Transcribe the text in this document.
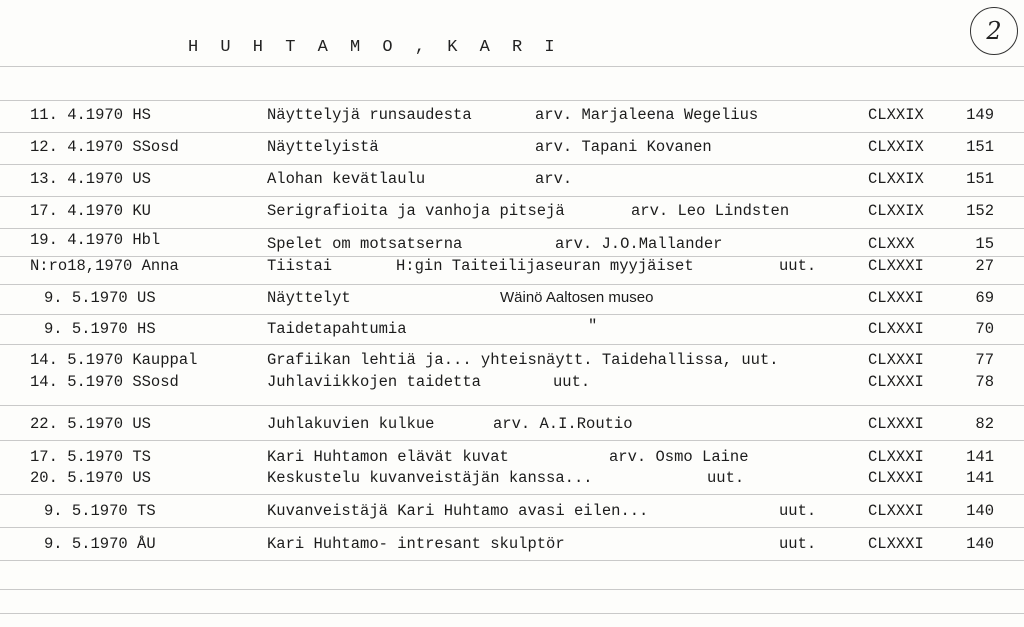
H U H T A M O , K A R I
2
11. 4.1970 HS	Näyttelyjä runsaudesta	arv. Marjaleena Wegelius	CLXXIX	149
12. 4.1970 SSosd	Näyttelyistä	arv. Tapani Kovanen	CLXXIX	151
13. 4.1970 US	Alohan kevätlaulu	arv.	CLXXIX	151
17. 4.1970 KU	Serigrafioita ja vanhoja pitsejä	arv. Leo Lindsten	CLXXIX	152
19. 4.1970 Hbl	Spelet om motsatserna	arv. J.O.Mallander	CLXXX	15
N:ro18,1970 Anna	Tiistai	H:gin Taiteilijaseuran myyjäiset	uut.	CLXXXI	27
9. 5.1970 US	Näyttelyt	Wäinö Aaltosen museo	CLXXXI	69
9. 5.1970 HS	Taidetapahtumia	"	CLXXXI	70
14. 5.1970 Kauppal	Grafiikan lehtiä ja... yhteisnäytt. Taidehallissa, uut.	CLXXXI	77
14. 5.1970 SSosd	Juhlaviikkojen taidetta	uut.	CLXXXI	78
22. 5.1970 US	Juhlakuvien kulkue	arv. A.I.Routio	CLXXXI	82
17. 5.1970 TS	Kari Huhtamon elävät kuvat	arv. Osmo Laine	CLXXXI	141
20. 5.1970 US	Keskustelu kuvanveistäjän kanssa...	uut.	CLXXXI	141
9. 5.1970 TS	Kuvanveistäjä Kari Huhtamo avasi eilen...	uut.	CLXXXI	140
9. 5.1970 ÅU	Kari Huhtamo- intresant skulptör	uut.	CLXXXI	140
